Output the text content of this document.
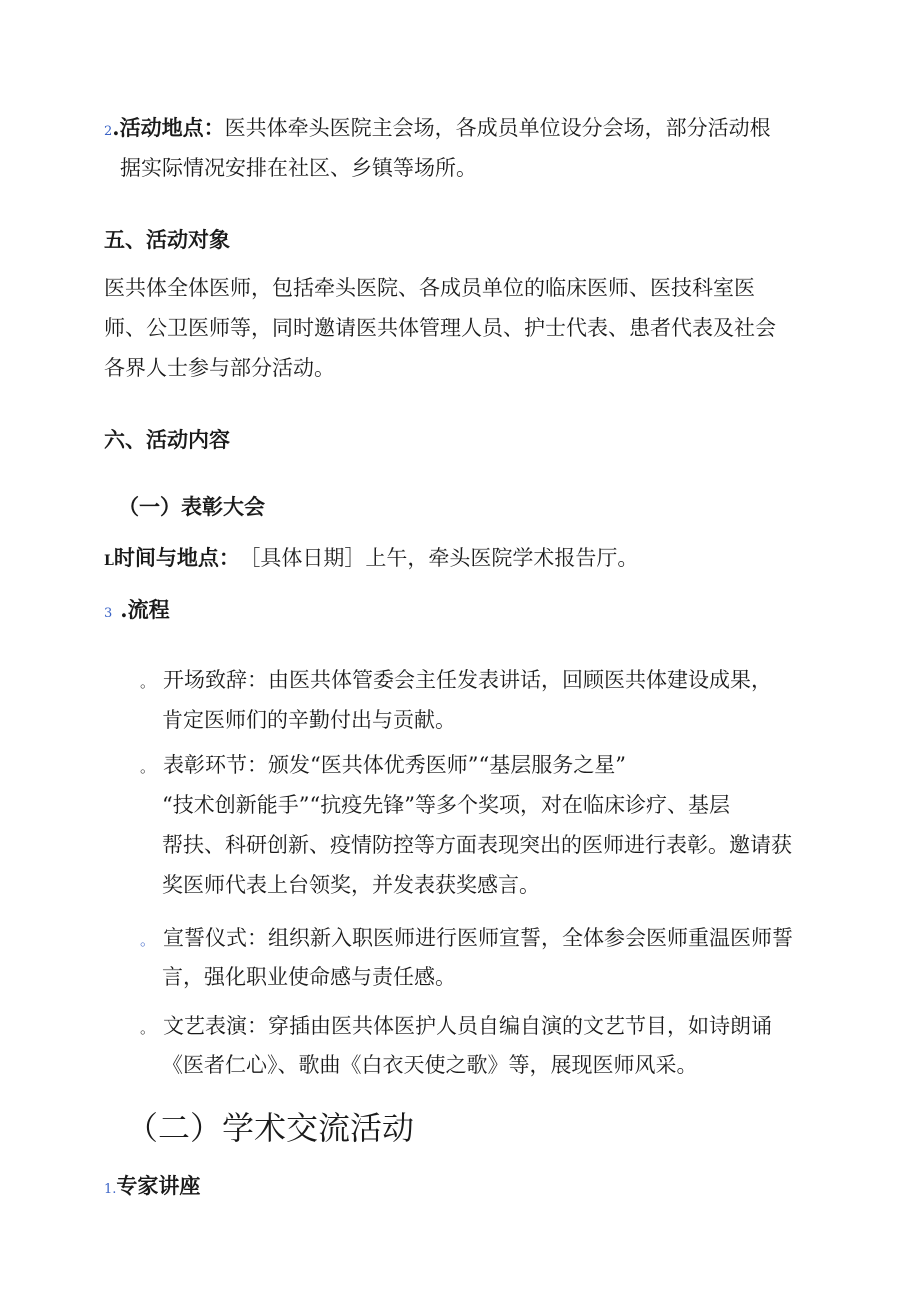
2.活动地点：医共体牵头医院主会场，各成员单位设分会场，部分活动根

据实际情况安排在社区、乡镇等场所。

五、活动对象

医共体全体医师，包括牵头医院、各成员单位的临床医师、医技科室医

师、公卫医师等，同时邀请医共体管理人员、护士代表、患者代表及社会

各界人士参与部分活动。

六、活动内容

（一）表彰大会

L时间与地点： ［具体日期］上午，牵头医院学术报告厅。

3 .流程

。 开场致辞：由医共体管委会主任发表讲话，回顾医共体建设成果，

肯定医师们的辛勤付出与贡献。

。 表彰环节：颁发“医共体优秀医师”“基层服务之星”

“技术创新能手”“抗疫先锋”等多个奖项，对在临床诊疗、基层

帮扶、科研创新、疫情防控等方面表现突出的医师进行表彰。邀请获

奖医师代表上台领奖，并发表获奖感言。

。 宣誓仪式：组织新入职医师进行医师宣誓，全体参会医师重温医师誓

言，强化职业使命感与责任感。

。 文艺表演：穿插由医共体医护人员自编自演的文艺节目，如诗朗诵

《医者仁心》、歌曲《白衣天使之歌》等，展现医师风采。

（二）学术交流活动

1.专家讲座
